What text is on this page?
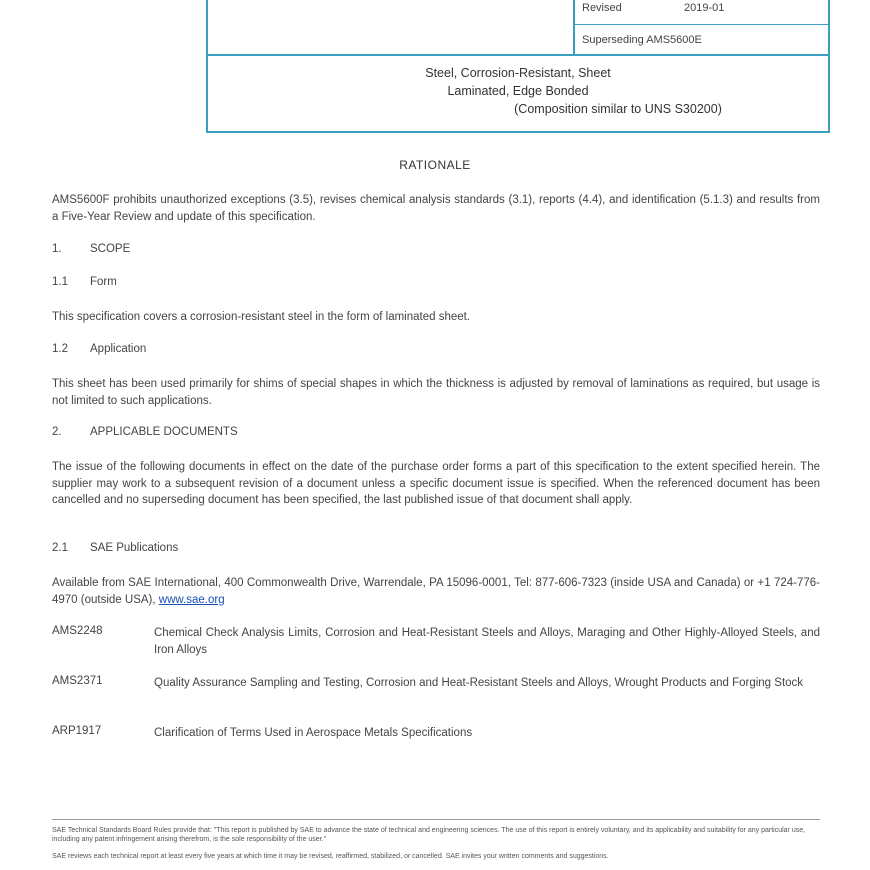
Revised	2019-01
Superseding AMS5600E
Steel, Corrosion-Resistant, Sheet
Laminated, Edge Bonded
(Composition similar to UNS S30200)
RATIONALE
AMS5600F prohibits unauthorized exceptions (3.5), revises chemical analysis standards (3.1), reports (4.4), and identification (5.1.3) and results from a Five-Year Review and update of this specification.
1. SCOPE
1.1 Form
This specification covers a corrosion-resistant steel in the form of laminated sheet.
1.2 Application
This sheet has been used primarily for shims of special shapes in which the thickness is adjusted by removal of laminations as required, but usage is not limited to such applications.
2. APPLICABLE DOCUMENTS
The issue of the following documents in effect on the date of the purchase order forms a part of this specification to the extent specified herein. The supplier may work to a subsequent revision of a document unless a specific document issue is specified. When the referenced document has been cancelled and no superseding document has been specified, the last published issue of that document shall apply.
2.1 SAE Publications
Available from SAE International, 400 Commonwealth Drive, Warrendale, PA 15096-0001, Tel: 877-606-7323 (inside USA and Canada) or +1 724-776-4970 (outside USA), www.sae.org
AMS2248	Chemical Check Analysis Limits, Corrosion and Heat-Resistant Steels and Alloys, Maraging and Other Highly-Alloyed Steels, and Iron Alloys
AMS2371	Quality Assurance Sampling and Testing, Corrosion and Heat-Resistant Steels and Alloys, Wrought Products and Forging Stock
ARP1917	Clarification of Terms Used in Aerospace Metals Specifications
SAE Technical Standards Board Rules provide that: "This report is published by SAE to advance the state of technical and engineering sciences. The use of this report is entirely voluntary, and its applicability and suitability for any particular use, including any patent infringement arising therefrom, is the sole responsibility of the user."
SAE reviews each technical report at least every five years at which time it may be revised, reaffirmed, stabilized, or cancelled. SAE invites your written comments and suggestions.
